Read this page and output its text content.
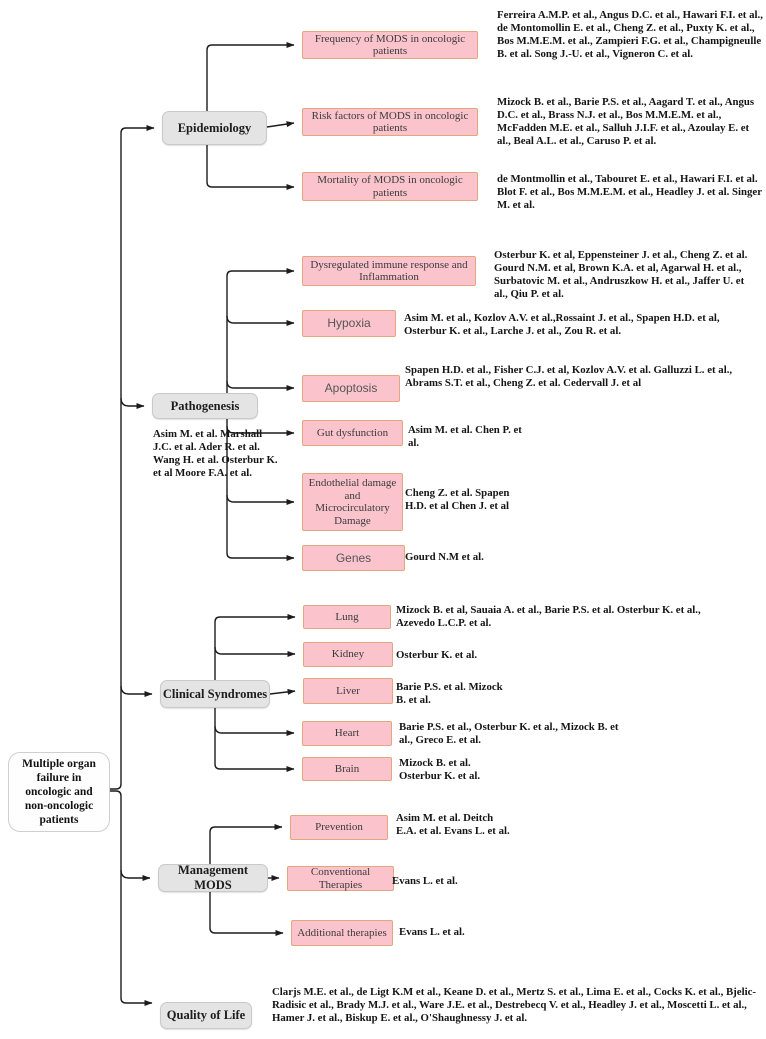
Multiple organ failure in oncologic and non-oncologic patients
Epidemiology
Pathogenesis
Clinical Syndromes
Management MODS
Quality of Life
Frequency of MODS in oncologic patients
Risk factors of MODS in oncologic patients
Mortality of MODS in oncologic patients
Dysregulated immune response and Inflammation
Hypoxia
Apoptosis
Gut dysfunction
Endothelial damage and Microcirculatory Damage
Genes
Lung
Kidney
Liver
Heart
Brain
Prevention
Conventional Therapies
Additional therapies
Ferreira A.M.P. et al., Angus D.C. et al., Hawari F.I. et al., de Montomollin E. et al., Cheng Z. et al., Puxty K. et al., Bos M.M.E.M. et al., Zampieri F.G. et al., Champigneulle B. et al. Song J.-U. et al., Vigneron C. et al.
Mizock B. et al., Barie P.S. et al., Aagard T. et al., Angus D.C. et al., Brass N.J. et al., Bos M.M.E.M. et al., McFadden M.E. et al., Salluh J.I.F. et al., Azoulay E. et al., Beal A.L. et al., Caruso P. et al.
de Montmollin et al., Tabouret E. et al., Hawari F.I. et al. Blot F. et al., Bos M.M.E.M. et al., Headley J. et al. Singer M. et al.
Osterbur K. et al, Eppensteiner J. et al., Cheng Z. et al. Gourd N.M. et al, Brown K.A. et al, Agarwal H. et al., Surbatovic M. et al., Andruszkow H. et al., Jaffer U. et al., Qiu P. et al.
Asim M. et al., Kozlov A.V. et al.,Rossaint J. et al., Spapen H.D. et al, Osterbur K. et al., Larche J. et al., Zou R. et al.
Spapen H.D. et al., Fisher C.J. et al, Kozlov A.V. et al. Galluzzi L. et al., Abrams S.T. et al., Cheng Z. et al. Cedervall J. et al
Asim M. et al. Chen P. et al.
Cheng Z. et al. Spapen H.D. et al Chen J. et al
Gourd N.M et al.
Asim M. et al. Marshall J.C. et al. Ader R. et al. Wang H. et al. Osterbur K. et al Moore F.A. et al.
Mizock B. et al, Sauaia A. et al., Barie P.S. et al. Osterbur K. et al., Azevedo L.C.P. et al.
Osterbur K. et al.
Barie P.S. et al. Mizock B. et al.
Barie P.S. et al., Osterbur K. et al., Mizock B. et al., Greco E. et al.
Mizock B. et al. Osterbur K. et al.
Asim M. et al. Deitch E.A. et al. Evans L. et al.
Evans L. et al.
Evans L. et al.
Clarjs M.E. et al., de Ligt K.M et al., Keane D. et al., Mertz S. et al., Lima E. et al., Cocks K. et al., Bjelic-Radisic et al., Brady M.J. et al., Ware J.E. et al., Destrebecq V. et al., Headley J. et al., Moscetti L. et al., Hamer J. et al., Biskup E. et al., O'Shaughnessy J. et al.
